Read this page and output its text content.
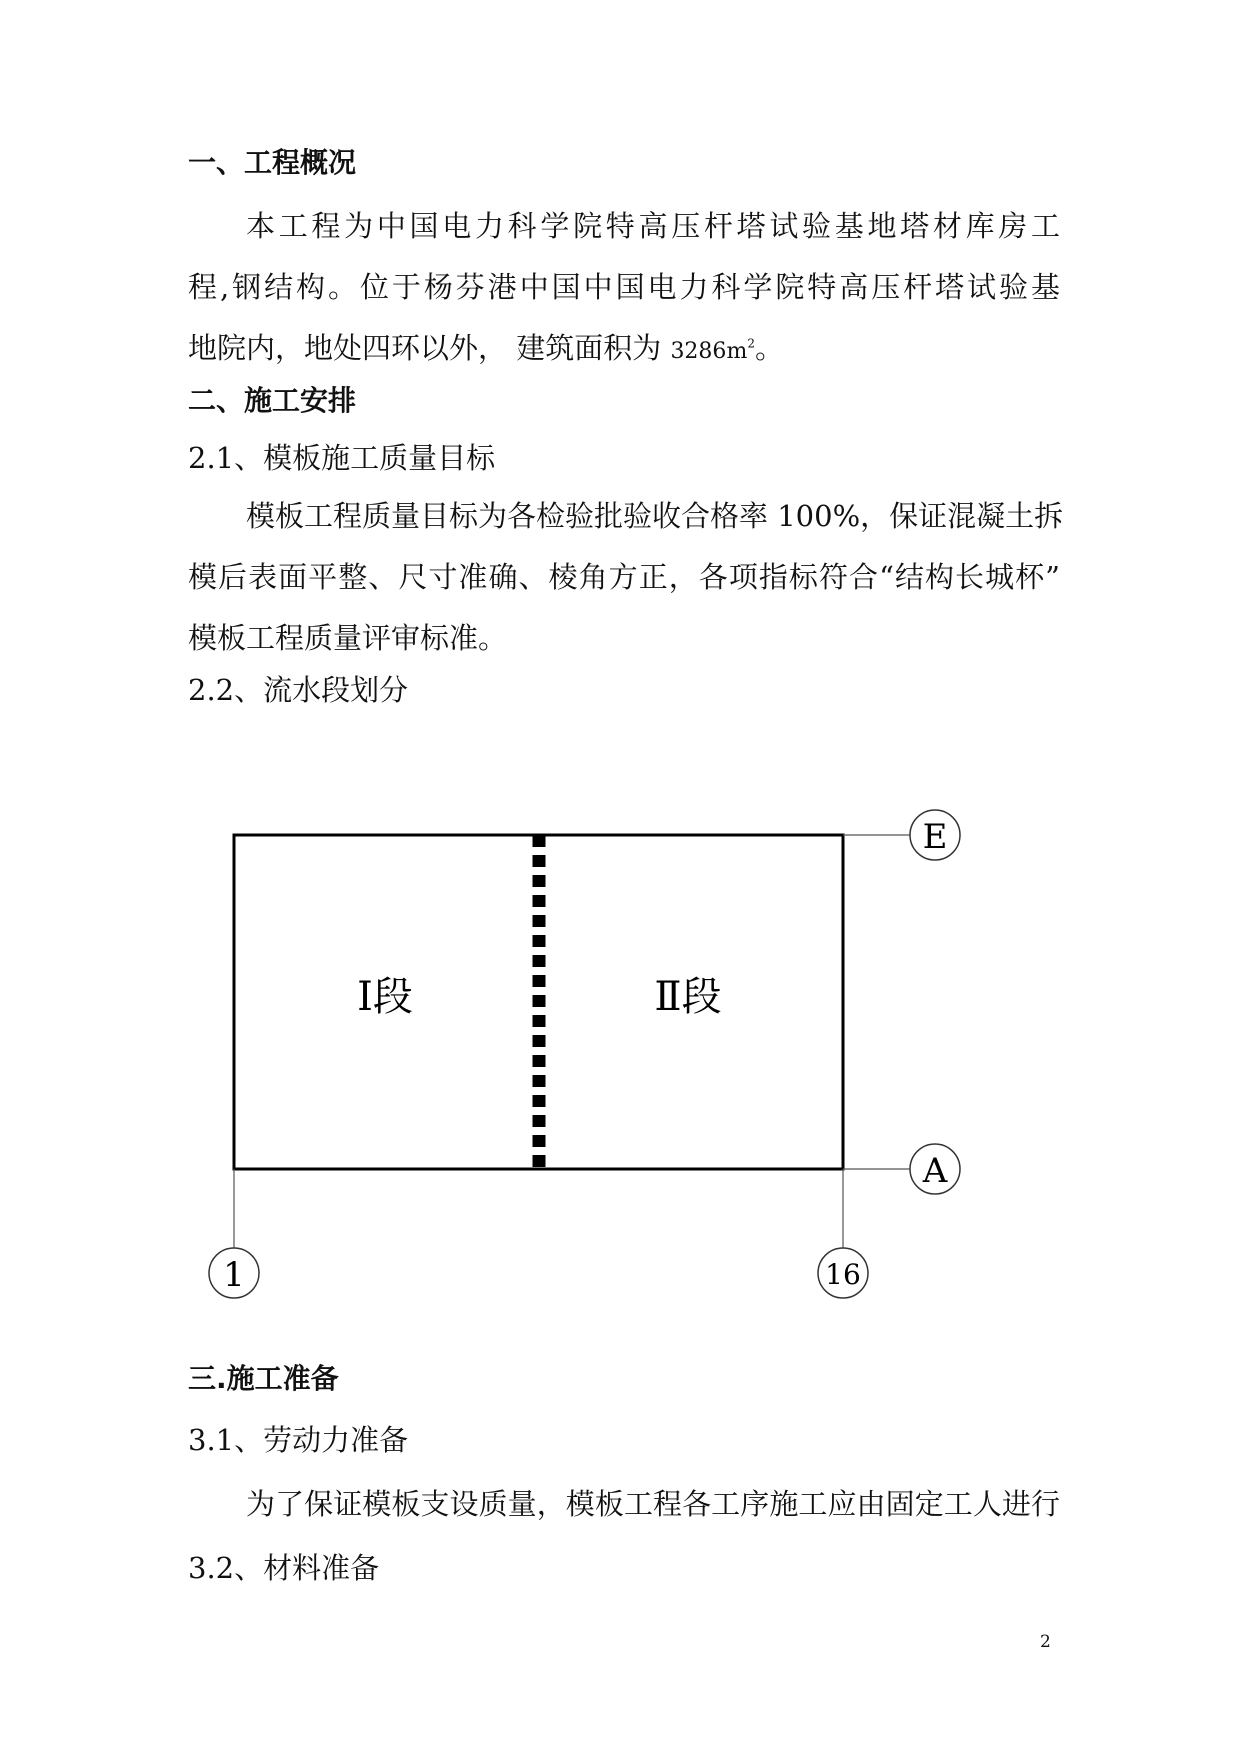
一、工程概况
本工程为中国电力科学院特高压杆塔试验基地塔材库房工
程,钢结构。位于杨芬港中国中国电力科学院特高压杆塔试验基
地院内，地处四环以外， 建筑面积为 $3286m^2$。
二、施工安排
2.1、模板施工质量目标
模板工程质量目标为各检验批验收合格率 100%，保证混凝土拆
模后表面平整、尺寸准确、棱角方正，各项指标符合“结构长城杯”
模板工程质量评审标准。
2.2、流水段划分
Ⅰ段	Ⅱ段
E
A
1	16
三.施工准备
3.1、劳动力准备
为了保证模板支设质量，模板工程各工序施工应由固定工人进行
3.2、材料准备
2
